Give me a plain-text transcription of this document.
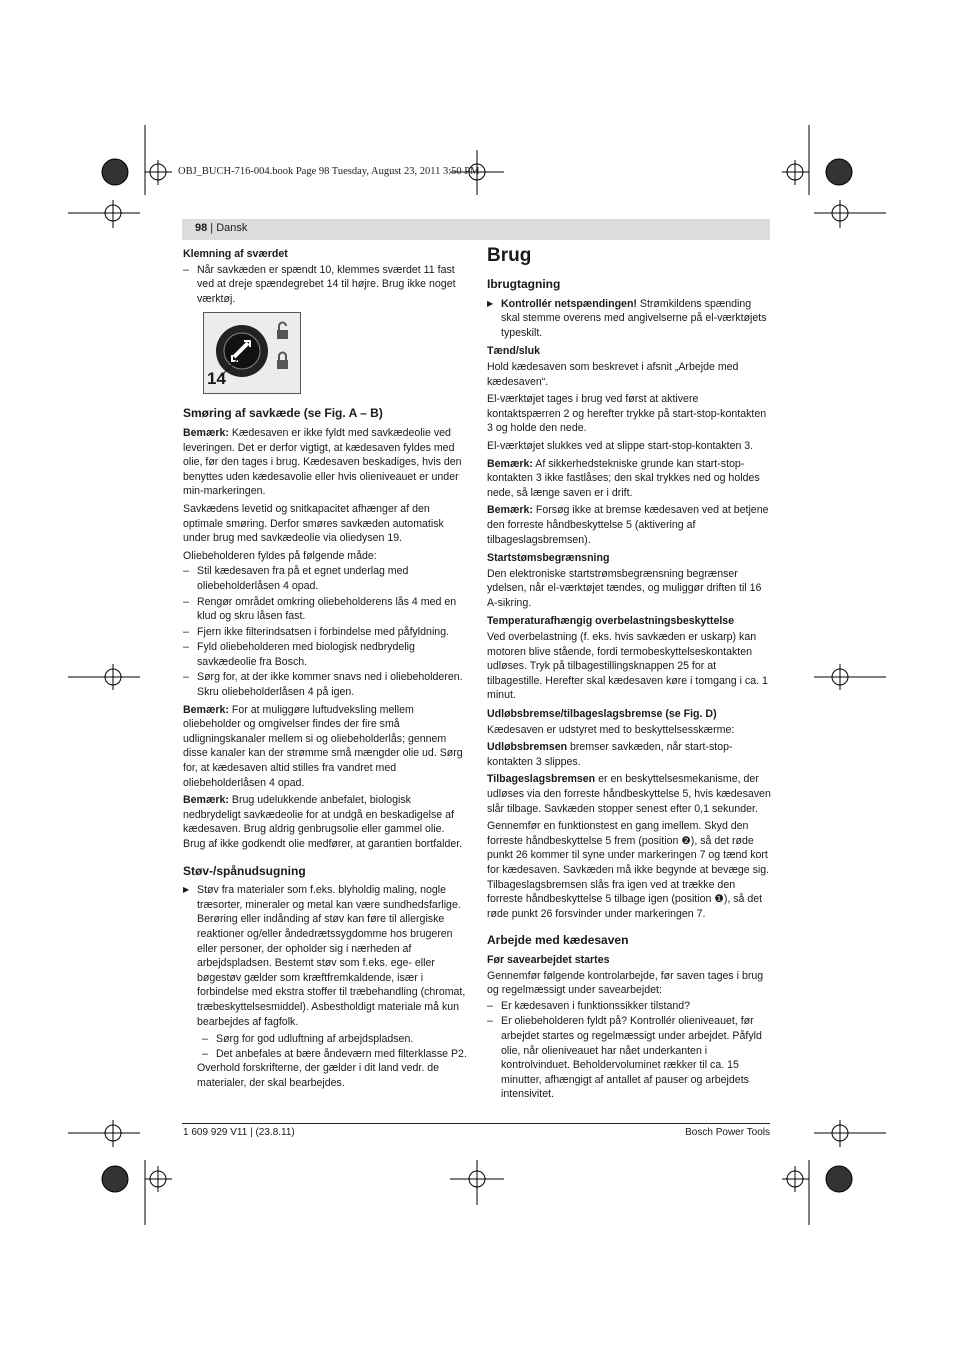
OBJ_BUCH-716-004.book Page 98 Tuesday, August 23, 2011 3:50 PM
98 | Dansk
Klemning af sværdet
– Når savkæden er spændt 10, klemmes sværdet 11 fast ved at dreje spændegrebet 14 til højre. Brug ikke noget værktøj.
14
Smøring af savkæde (se Fig. A – B)

Bemærk: Kædesaven er ikke fyldt med savkædeolie ved leveringen. Det er derfor vigtigt, at kædesaven fyldes med olie, før den tages i brug. Kædesaven beskadiges, hvis den benyttes uden kædesavolie eller hvis olieniveauet er under min-markeringen.

Savkædens levetid og snitkapacitet afhænger af den optimale smøring. Derfor smøres savkæden automatisk under brug med savkædeolie via oliedysen 19.

Oliebeholderen fyldes på følgende måde:

– Stil kædesaven fra på et egnet underlag med oliebeholderlåsen 4 opad.
– Rengør området omkring oliebeholderens lås 4 med en klud og skru låsen fast.
– Fjern ikke filterindsatsen i forbindelse med påfyldning.
– Fyld oliebeholderen med biologisk nedbrydelig savkædeolie fra Bosch.
– Sørg for, at der ikke kommer snavs ned i oliebeholderen. Skru oliebeholderlåsen 4 på igen.

Bemærk: For at muliggøre luftudveksling mellem oliebeholder og omgivelser findes der fire små udligningskanaler mellem si og oliebeholderlås; gennem disse kanaler kan der strømme små mængder olie ud. Sørg for, at kædesaven altid stilles fra vandret med oliebeholderlåsen 4 opad.

Bemærk: Brug udelukkende anbefalet, biologisk nedbrydeligt savkædeolie for at undgå en beskadigelse af kædesaven. Brug aldrig genbrugsolie eller gammel olie. Brug af ikke godkendt olie medfører, at garantien bortfalder.

Støv-/spånudsugning
▶ Støv fra materialer som f.eks. blyholdig maling, nogle træsorter, mineraler og metal kan være sundhedsfarlige. Berøring eller indånding af støv kan føre til allergiske reaktioner og/eller åndedrætssygdomme hos brugeren eller personer, der opholder sig i nærheden af arbejdspladsen. Bestemt støv som f.eks. ege- eller bøgestøv gælder som kræftfremkaldende, især i forbindelse med ekstra stoffer til træbehandling (chromat, træbeskyttelsesmiddel). Asbestholdigt materiale må kun bearbejdes af fagfolk.
– Sørg for god udluftning af arbejdspladsen.
– Det anbefales at bære åndeværn med filterklasse P2.

Overhold forskrifterne, der gælder i dit land vedr. de materialer, der skal bearbejdes.

Brug
Ibrugtagning
▶ Kontrollér netspændingen! Strømkildens spænding skal stemme overens med angivelserne på el-værktøjets typeskilt.
Tænd/sluk

Hold kædesaven som beskrevet i afsnit „Arbejde med kædesaven“.

El-værktøjet tages i brug ved først at aktivere kontaktspærren 2 og herefter trykke på start-stop-kontakten 3 og holde den nede.

El-værktøjet slukkes ved at slippe start-stop-kontakten 3.

Bemærk: Af sikkerhedstekniske grunde kan start-stop-kontakten 3 ikke fastlåses; den skal trykkes ned og holdes nede, så længe saven er i drift.

Bemærk: Forsøg ikke at bremse kædesaven ved at betjene den forreste håndbeskyttelse 5 (aktivering af tilbageslagsbremsen).

Startstømsbegrænsning

Den elektroniske startstrømsbegrænsning begrænser ydelsen, når el-værktøjet tændes, og muliggør driften til 16 A-sikring.

Temperaturafhængig overbelastningsbeskyttelse

Ved overbelastning (f. eks. hvis savkæden er uskarp) kan motoren blive stående, fordi termobeskyttelseskontakten udløses. Tryk på tilbagestillingsknappen 25 for at tilbagestille. Herefter skal kædesaven køre i tomgang i ca. 1 minut.

Udløbsbremse/tilbageslagsbremse (se Fig. D)

Kædesaven er udstyret med to beskyttelsesskærme:

Udløbsbremsen bremser savkæden, når start-stop-kontakten 3 slippes.

Tilbageslagsbremsen er en beskyttelsesmekanisme, der udløses via den forreste håndbeskyttelse 5, hvis kædesaven slår tilbage. Savkæden stopper senest efter 0,1 sekunder.

Gennemfør en funktionstest en gang imellem. Skyd den forreste håndbeskyttelse 5 frem (position ❷), så det røde punkt 26 kommer til syne under markeringen 7 og tænd kort for kædesaven. Savkæden må ikke begynde at bevæge sig. Tilbageslagsbremsen slås fra igen ved at trække den forreste håndbeskyttelse 5 tilbage igen (position ❶), så det røde punkt 26 forsvinder under markeringen 7.

Arbejde med kædesaven
Før savearbejdet startes

Gennemfør følgende kontrolarbejde, før saven tages i brug og regelmæssigt under savearbejdet:

– Er kædesaven i funktionssikker tilstand?
– Er oliebeholderen fyldt på? Kontrollér olieniveauet, før arbejdet startes og regelmæssigt under arbejdet. Påfyld olie, når olieniveauet har nået underkanten i kontrolvinduet. Beholdervoluminet rækker til ca. 15 minutter, afhængigt af antallet af pauser og arbejdets intensivitet.
1 609 929 V11 | (23.8.11)	Bosch Power Tools
